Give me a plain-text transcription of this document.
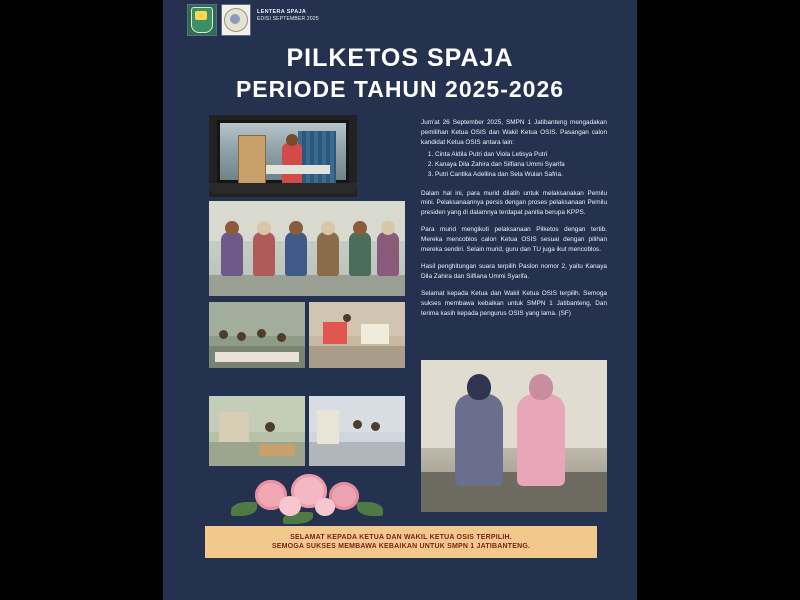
LENTERA SPAJA
EDISI SEPTEMBER 2025
PILKETOS SPAJA
PERIODE TAHUN 2025-2026

Jum'at 26 September 2025, SMPN 1 Jatibanteng mengadakan pemilihan Ketua OSIS dan Wakil Ketua OSIS. Pasangan calon kandidat Ketua OSIS antara lain:

1. Cinta Aldila Putri dan Viola Letisya Putri
2. Kanaya Dila Zahira dan Silfiana Ummi Syarifa
3. Putri Cantika Adellina dan Sela Wulan Safria.

Dalam hal ini, para murid dilatih untuk melaksanakan Pemilu mini. Pelaksanaannya persis dengan proses pelaksanaan Pemilu presiden yang di dalamnya terdapat panitia berupa KPPS.

Para murid mengikuti pelaksanaan Pilketos dengan tertib. Mereka mencoblos calon Ketua OSIS sesuai dengan pilihan mereka sendiri. Selain murid, guru dan TU juga ikut mencoblos.

Hasil penghitungan suara terpilih Paslon nomor 2, yaitu Kanaya Dila Zahira dan Silfiana Ummi Syarifa.

Selamat kepada Ketua dan Wakil Ketua OSIS terpilih. Semoga sukses membawa kebaikan untuk SMPN 1 Jatibanteng, Dan terima kasih kepada pengurus OSIS yang lama. (SF)

SELAMAT KEPADA KETUA DAN WAKIL KETUA OSIS TERPILIH.
SEMOGA SUKSES MEMBAWA KEBAIKAN UNTUK SMPN 1 JATIBANTENG.
